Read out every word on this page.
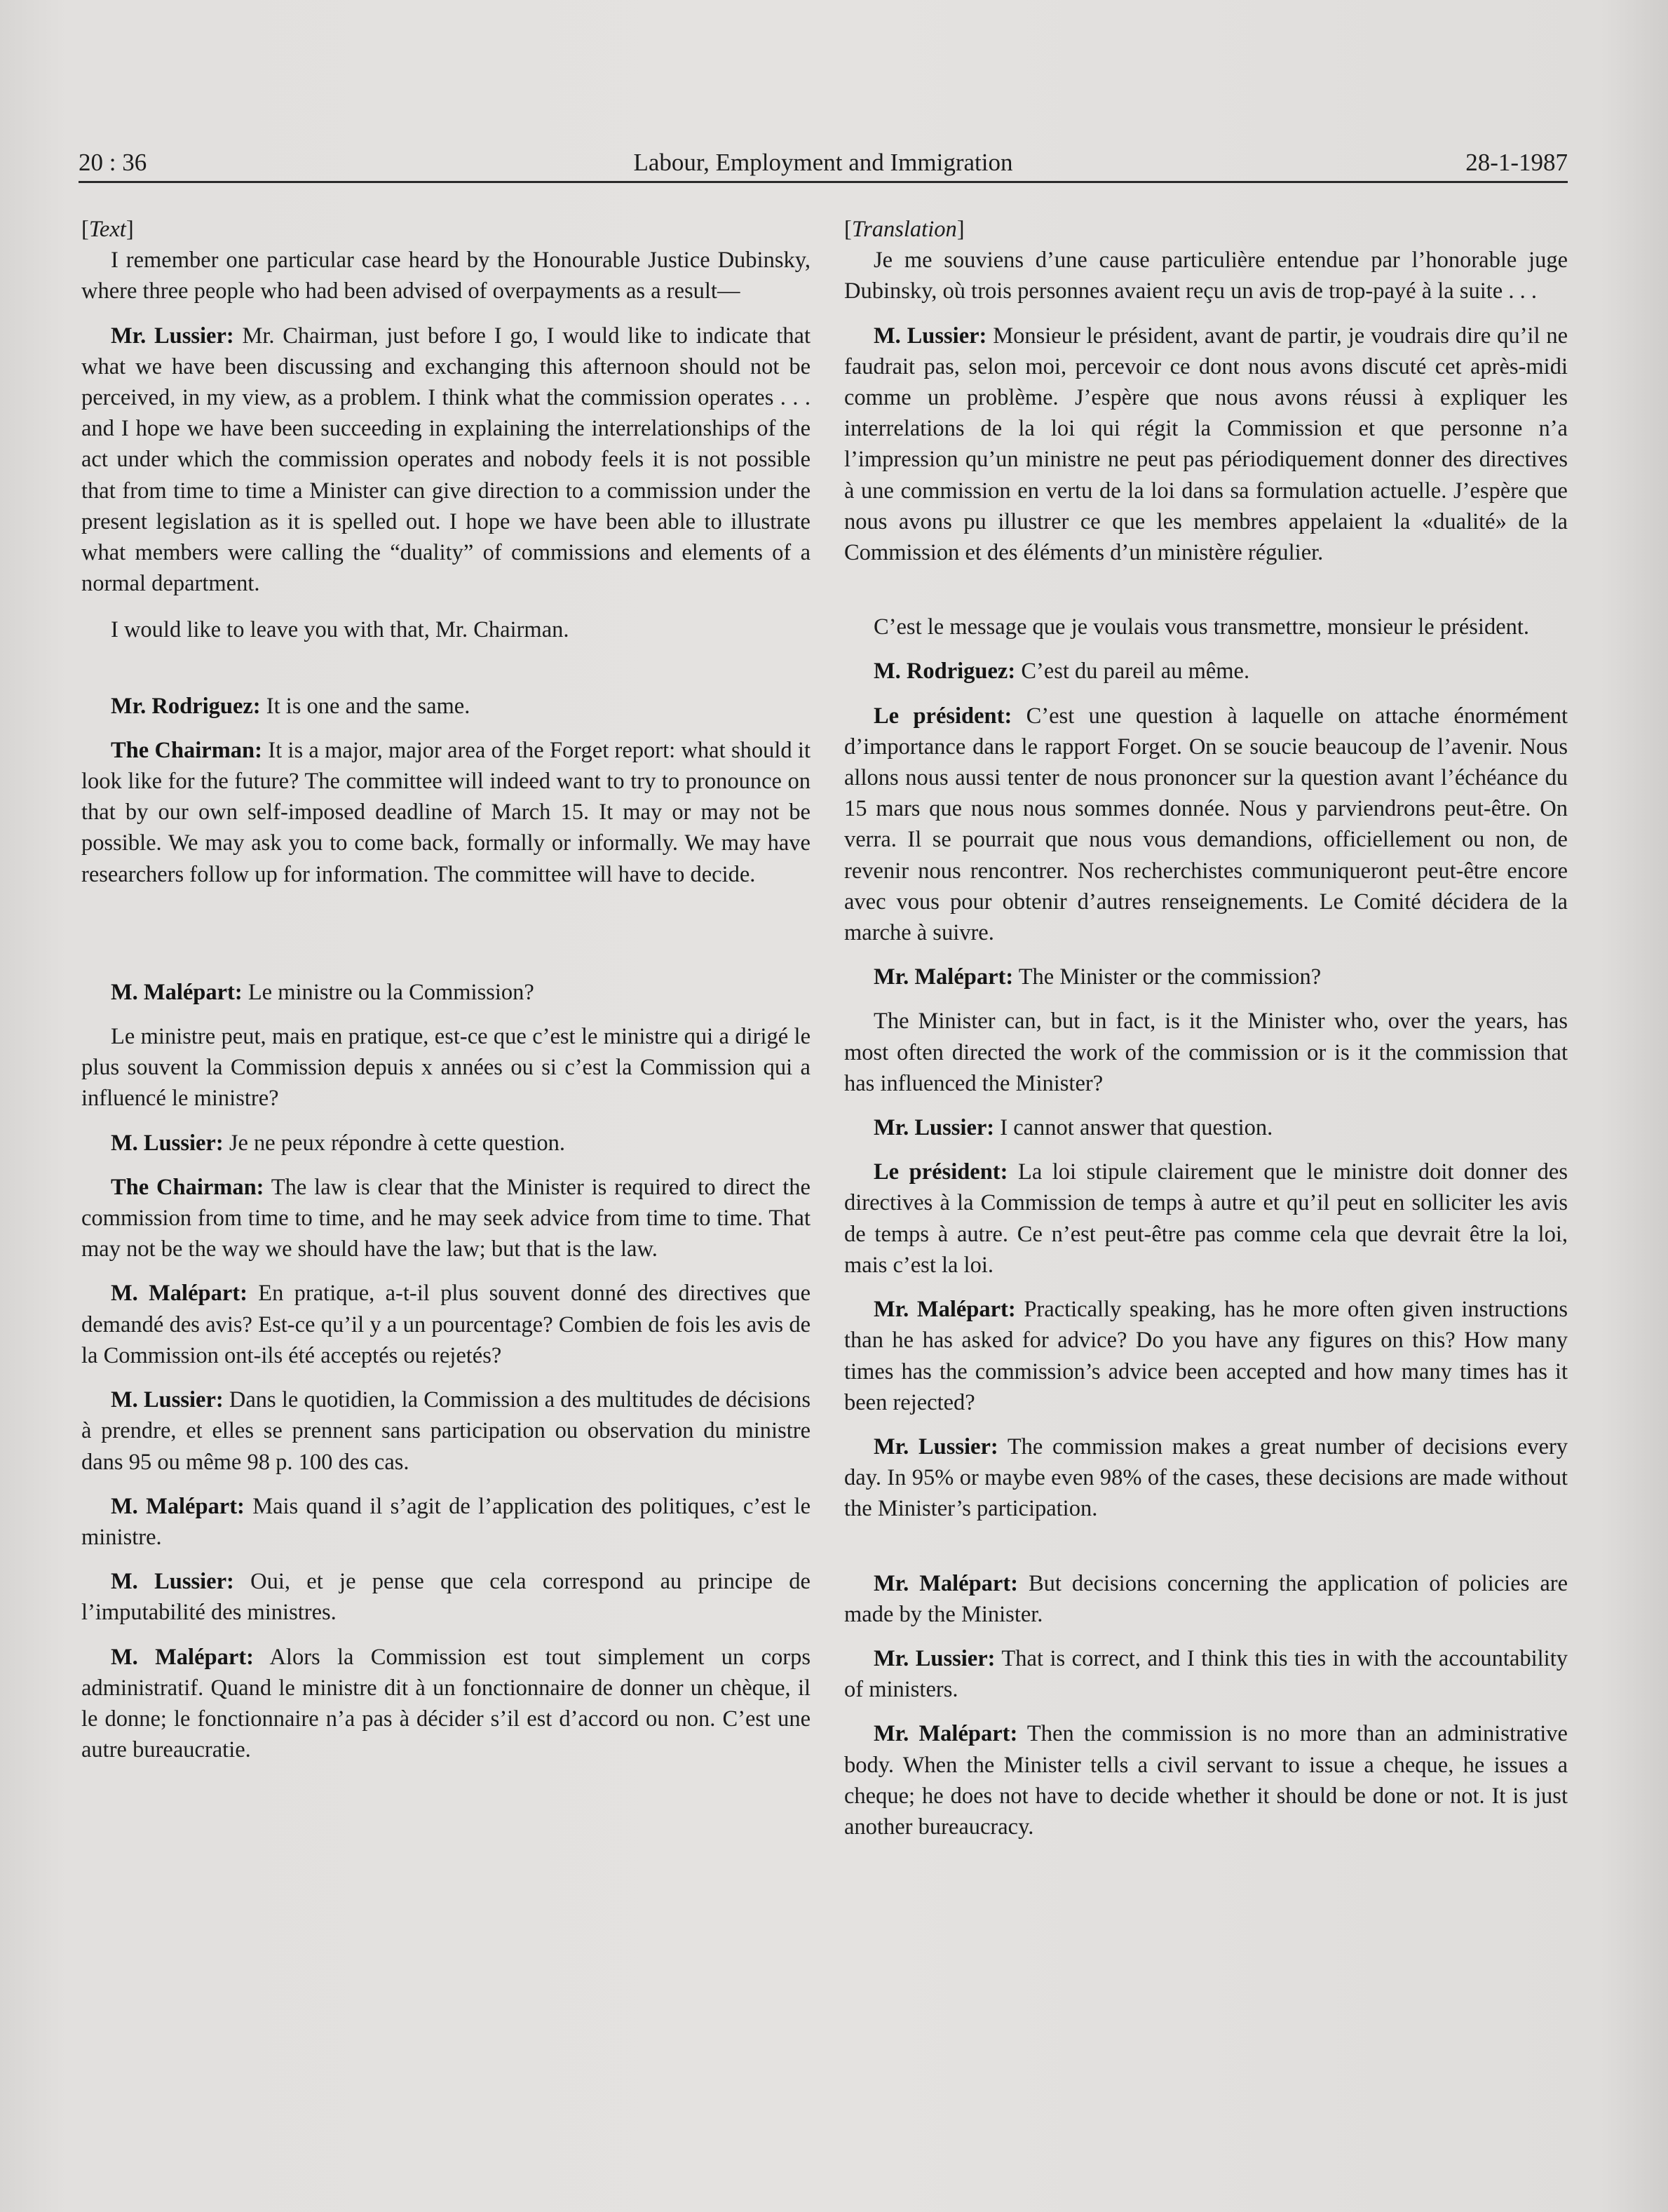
20 : 36	Labour, Employment and Immigration	28-1-1987

[Text]

I remember one particular case heard by the Honourable Justice Dubinsky, where three people who had been advised of overpayments as a result—

Mr. Lussier: Mr. Chairman, just before I go, I would like to indicate that what we have been discussing and exchanging this afternoon should not be perceived, in my view, as a problem. I think what the commission operates . . . and I hope we have been succeeding in explaining the interrelationships of the act under which the commission operates and nobody feels it is not possible that from time to time a Minister can give direction to a commission under the present legislation as it is spelled out. I hope we have been able to illustrate what members were calling the “duality” of commissions and elements of a normal department.

I would like to leave you with that, Mr. Chairman.

Mr. Rodriguez: It is one and the same.

The Chairman: It is a major, major area of the Forget report: what should it look like for the future? The committee will indeed want to try to pronounce on that by our own self-imposed deadline of March 15. It may or may not be possible. We may ask you to come back, formally or informally. We may have researchers follow up for information. The committee will have to decide.

M. Malépart: Le ministre ou la Commission?

Le ministre peut, mais en pratique, est-ce que c’est le ministre qui a dirigé le plus souvent la Commission depuis x années ou si c’est la Commission qui a influencé le ministre?

M. Lussier: Je ne peux répondre à cette question.

The Chairman: The law is clear that the Minister is required to direct the commission from time to time, and he may seek advice from time to time. That may not be the way we should have the law; but that is the law.

M. Malépart: En pratique, a-t-il plus souvent donné des directives que demandé des avis? Est-ce qu’il y a un pourcentage? Combien de fois les avis de la Commission ont-ils été acceptés ou rejetés?

M. Lussier: Dans le quotidien, la Commission a des multitudes de décisions à prendre, et elles se prennent sans participation ou observation du ministre dans 95 ou même 98 p. 100 des cas.

M. Malépart: Mais quand il s’agit de l’application des politiques, c’est le ministre.

M. Lussier: Oui, et je pense que cela correspond au principe de l’imputabilité des ministres.

M. Malépart: Alors la Commission est tout simplement un corps administratif. Quand le ministre dit à un fonctionnaire de donner un chèque, il le donne; le fonctionnaire n’a pas à décider s’il est d’accord ou non. C’est une autre bureaucratie.

[Translation]

Je me souviens d’une cause particulière entendue par l’honorable juge Dubinsky, où trois personnes avaient reçu un avis de trop-payé à la suite . . .

M. Lussier: Monsieur le président, avant de partir, je voudrais dire qu’il ne faudrait pas, selon moi, percevoir ce dont nous avons discuté cet après-midi comme un problème. J’espère que nous avons réussi à expliquer les interrelations de la loi qui régit la Commission et que personne n’a l’impression qu’un ministre ne peut pas périodiquement donner des directives à une commission en vertu de la loi dans sa formulation actuelle. J’espère que nous avons pu illustrer ce que les membres appelaient la «dualité» de la Commission et des éléments d’un ministère régulier.

C’est le message que je voulais vous transmettre, monsieur le président.

M. Rodriguez: C’est du pareil au même.

Le président: C’est une question à laquelle on attache énormément d’importance dans le rapport Forget. On se soucie beaucoup de l’avenir. Nous allons nous aussi tenter de nous prononcer sur la question avant l’échéance du 15 mars que nous nous sommes donnée. Nous y parviendrons peut-être. On verra. Il se pourrait que nous vous demandions, officiellement ou non, de revenir nous rencontrer. Nos recherchistes communiqueront peut-être encore avec vous pour obtenir d’autres renseignements. Le Comité décidera de la marche à suivre.

Mr. Malépart: The Minister or the commission?

The Minister can, but in fact, is it the Minister who, over the years, has most often directed the work of the commission or is it the commission that has influenced the Minister?

Mr. Lussier: I cannot answer that question.

Le président: La loi stipule clairement que le ministre doit donner des directives à la Commission de temps à autre et qu’il peut en solliciter les avis de temps à autre. Ce n’est peut-être pas comme cela que devrait être la loi, mais c’est la loi.

Mr. Malépart: Practically speaking, has he more often given instructions than he has asked for advice? Do you have any figures on this? How many times has the commission’s advice been accepted and how many times has it been rejected?

Mr. Lussier: The commission makes a great number of decisions every day. In 95% or maybe even 98% of the cases, these decisions are made without the Minister’s participation.

Mr. Malépart: But decisions concerning the application of policies are made by the Minister.

Mr. Lussier: That is correct, and I think this ties in with the accountability of ministers.

Mr. Malépart: Then the commission is no more than an administrative body. When the Minister tells a civil servant to issue a cheque, he issues a cheque; he does not have to decide whether it should be done or not. It is just another bureaucracy.
